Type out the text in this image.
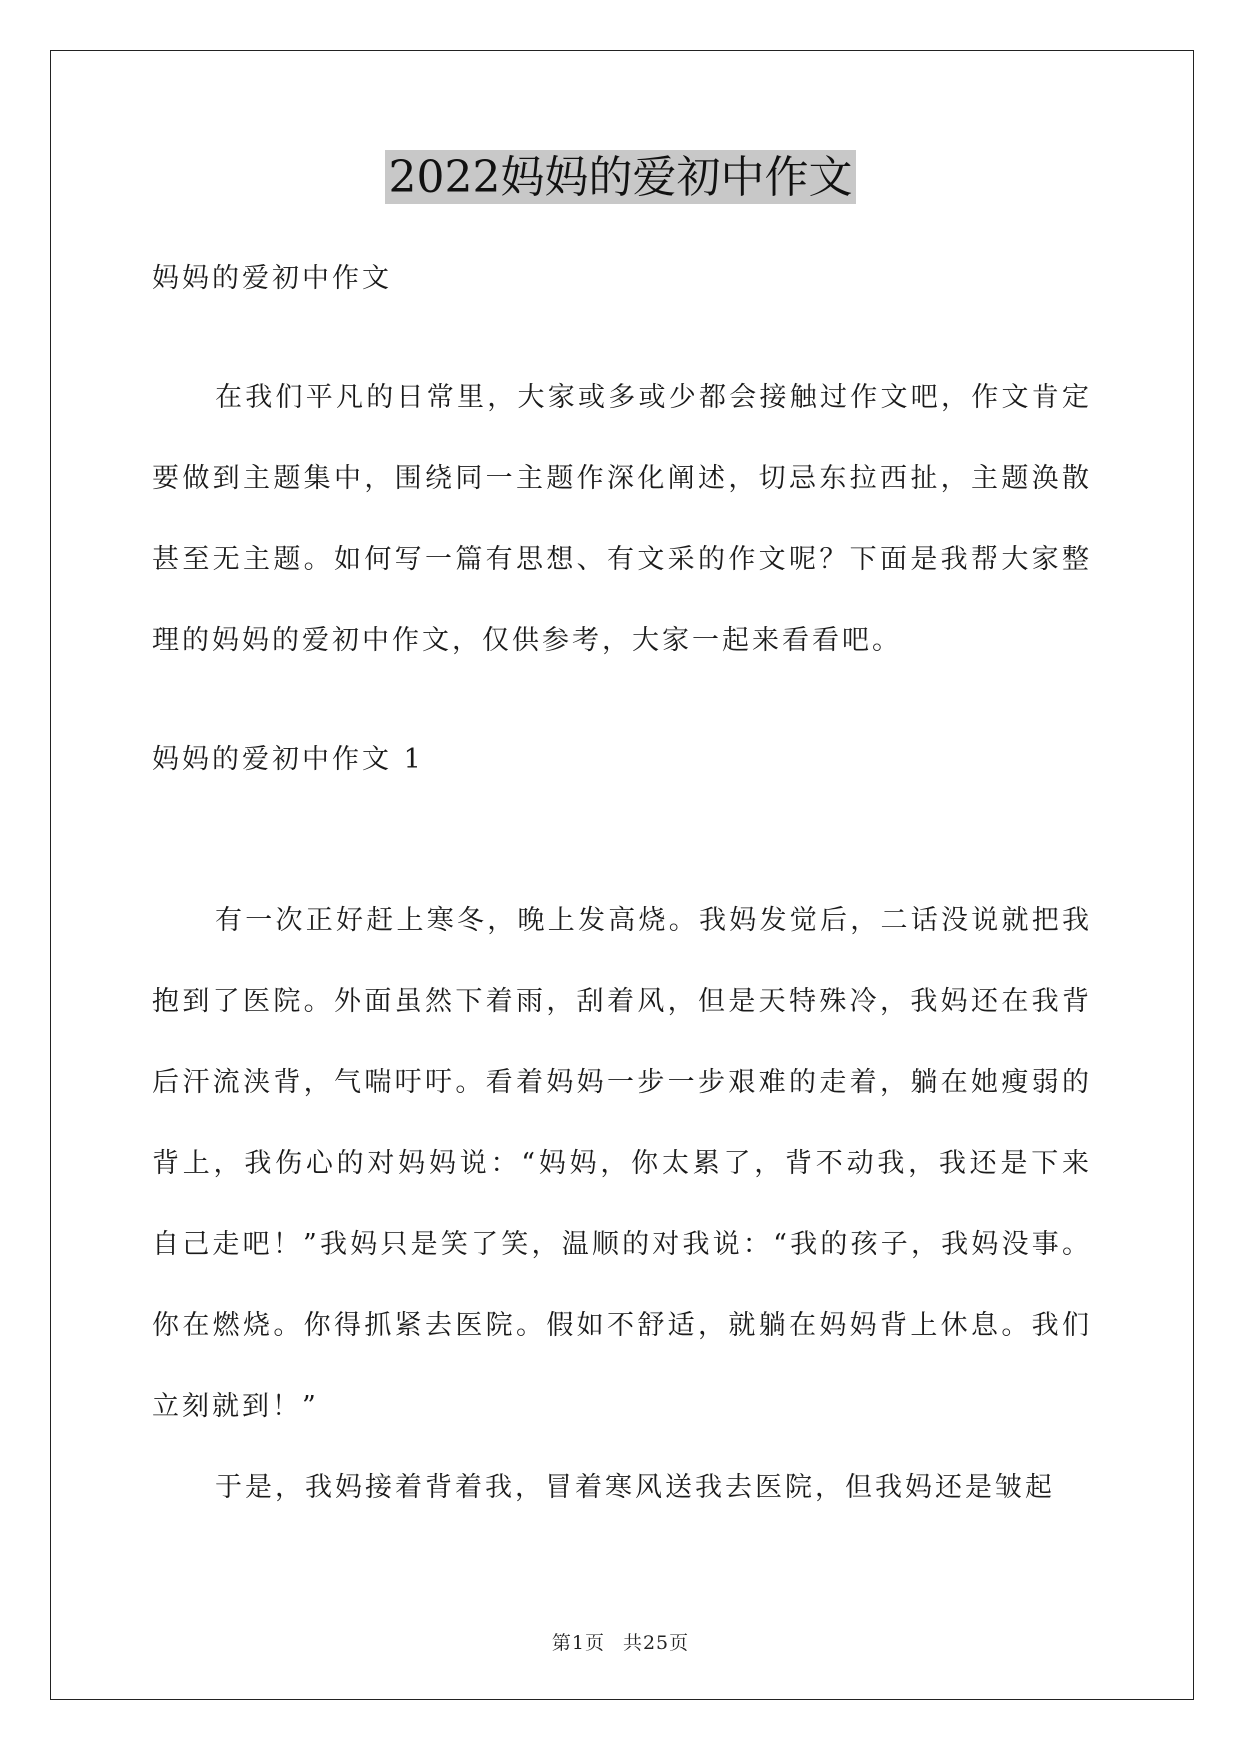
2022妈妈的爱初中作文

妈妈的爱初中作文

在我们平凡的日常里，大家或多或少都会接触过作文吧，作文肯定要做到主题集中，围绕同一主题作深化阐述，切忌东拉西扯，主题涣散甚至无主题。如何写一篇有思想、有文采的作文呢？下面是我帮大家整理的妈妈的爱初中作文，仅供参考，大家一起来看看吧。

妈妈的爱初中作文 1

有一次正好赶上寒冬，晚上发高烧。我妈发觉后，二话没说就把我抱到了医院。外面虽然下着雨，刮着风，但是天特殊冷，我妈还在我背后汗流浃背，气喘吁吁。看着妈妈一步一步艰难的走着，躺在她瘦弱的背上，我伤心的对妈妈说：“妈妈，你太累了，背不动我，我还是下来自己走吧！”我妈只是笑了笑，温顺的对我说：“我的孩子，我妈没事。你在燃烧。你得抓紧去医院。假如不舒适，就躺在妈妈背上休息。我们立刻就到！”

于是，我妈接着背着我，冒着寒风送我去医院，但我妈还是皱起

第1页 共25页
